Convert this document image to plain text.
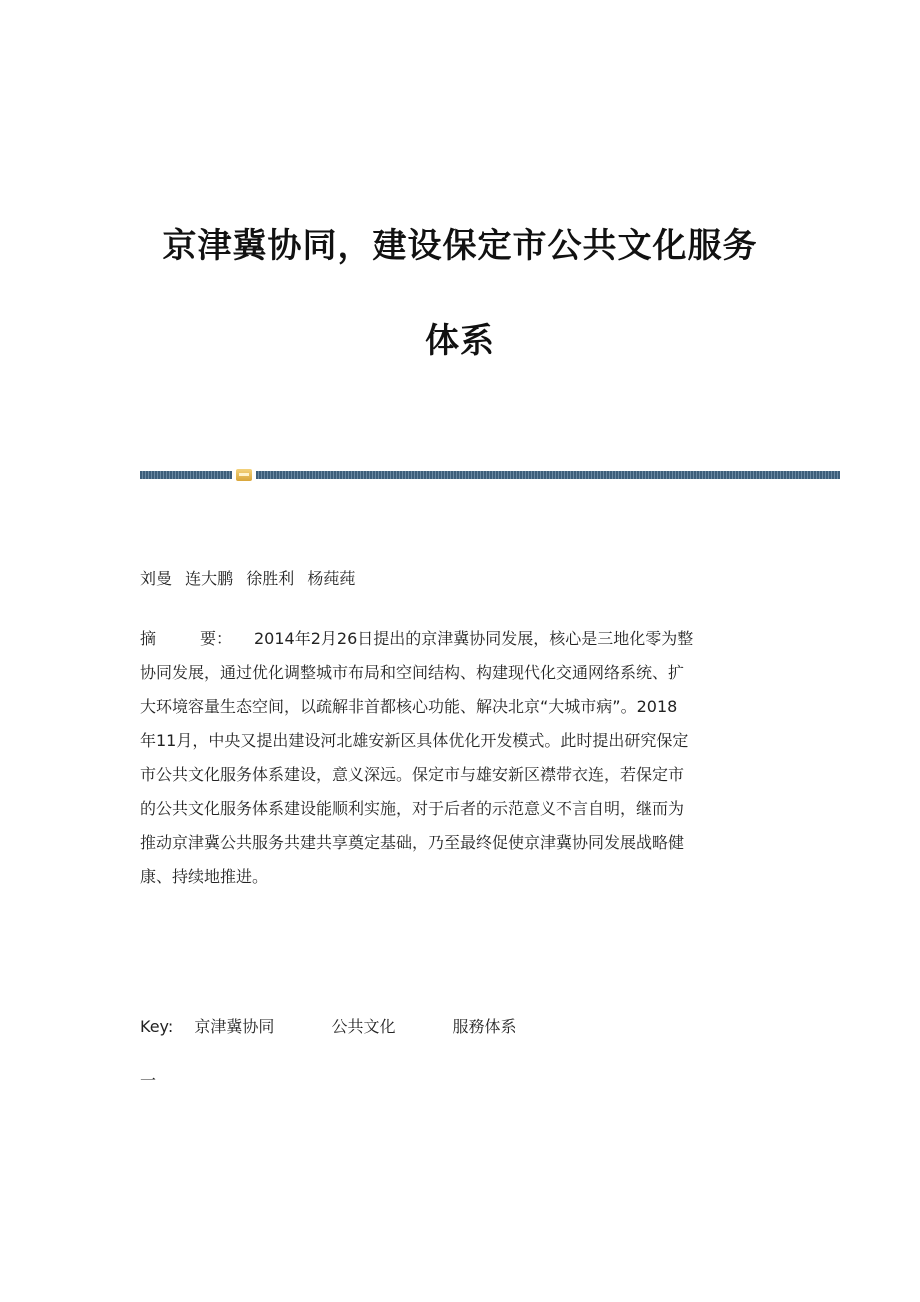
京津冀协同，建设保定市公共文化服务
体系
刘曼 连大鹏 徐胜利 杨莼莼
摘	要： 2014年2月26日提出的京津冀协同发展，核心是三地化零为整
协同发展，通过优化调整城市布局和空间结构、构建现代化交通网络系统、扩
大环境容量生态空间，以疏解非首都核心功能、解决北京“大城市病”。2018
年11月，中央又提出建设河北雄安新区具体优化开发模式。此时提出研究保定
市公共文化服务体系建设，意义深远。保定市与雄安新区襟带衣连，若保定市
的公共文化服务体系建设能顺利实施，对于后者的示范意义不言自明，继而为
推动京津冀公共服务共建共享奠定基础，乃至最终促使京津冀协同发展战略健
康、持续地推进。
Key: 京津冀协同	公共文化	服務体系
一
